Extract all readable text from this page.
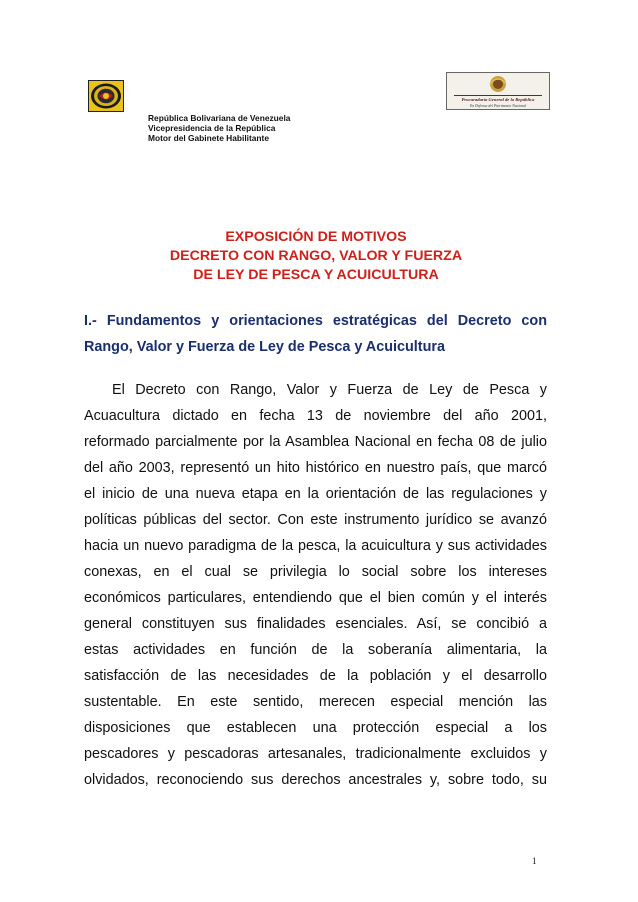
Procuraduría General de la República
En Defensa del Patrimonio Nacional
República Bolivariana de Venezuela
Vicepresidencia de la República
Motor del Gabinete Habilitante
EXPOSICIÓN DE MOTIVOS
DECRETO CON RANGO, VALOR Y FUERZA
DE LEY DE PESCA Y ACUICULTURA
I.- Fundamentos y orientaciones estratégicas del Decreto con
Rango, Valor y Fuerza de Ley de Pesca y Acuicultura
El Decreto con Rango, Valor y Fuerza de Ley de Pesca y
Acuacultura dictado en fecha 13 de noviembre del año 2001,
reformado parcialmente por la Asamblea Nacional en fecha 08 de julio
del año 2003, representó un hito histórico en nuestro país, que marcó
el inicio de una nueva etapa en la orientación de las regulaciones y
políticas públicas del sector. Con este instrumento jurídico se avanzó
hacia un nuevo paradigma de la pesca, la acuicultura y sus actividades
conexas, en el cual se privilegia lo social sobre los intereses
económicos particulares, entendiendo que el bien común y el interés
general constituyen sus finalidades esenciales. Así, se concibió a
estas actividades en función de la soberanía alimentaria, la
satisfacción de las necesidades de la población y el desarrollo
sustentable. En este sentido, merecen especial mención las
disposiciones que establecen una protección especial a los
pescadores y pescadoras artesanales, tradicionalmente excluidos y
olvidados, reconociendo sus derechos ancestrales y, sobre todo, su
1
